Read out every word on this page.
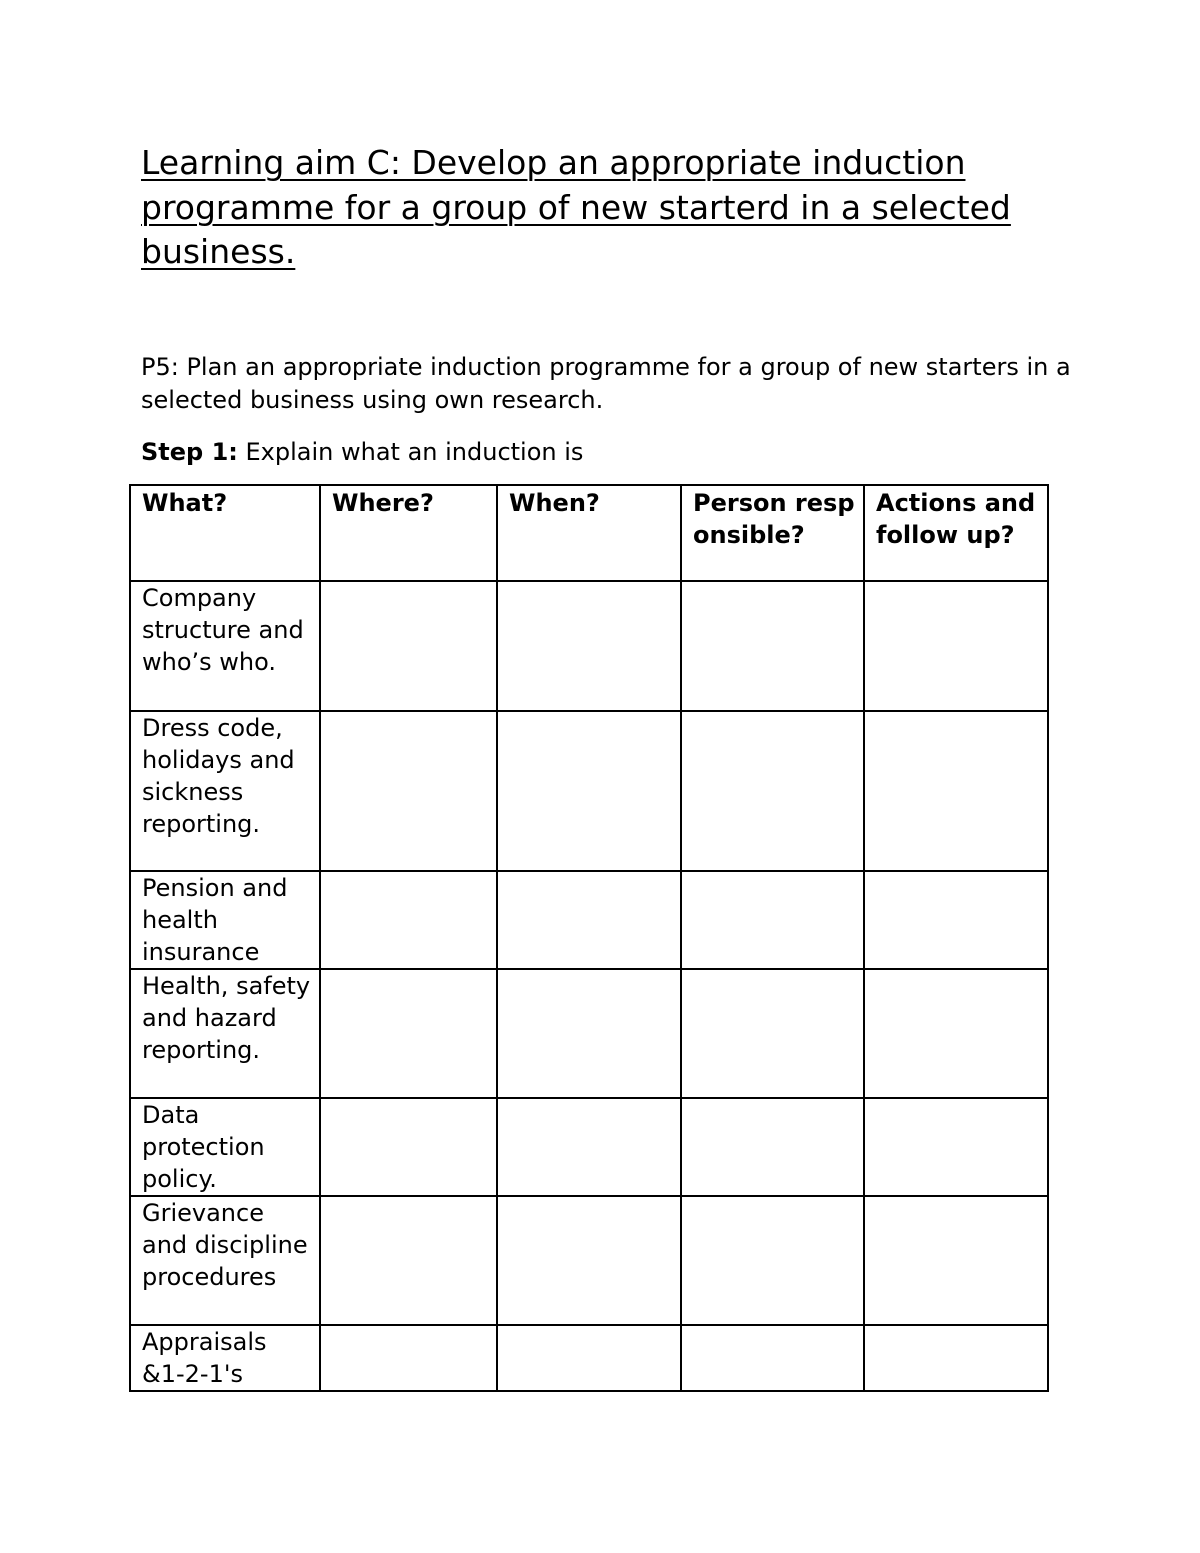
Learning aim C: Develop an appropriate induction programme for a group of new starterd in a selected business.

P5: Plan an appropriate induction programme for a group of new starters in a selected business using own research.

Step 1: Explain what an induction is

What?	Where?	When?	Person responsible?	Actions and follow up?
Company structure and who’s who.				
Dress code, holidays and sickness reporting.				
Pension and health insurance				
Health, safety and hazard reporting.				
Data protection policy.				
Grievance and discipline procedures				
Appraisals &1-2-1's				
